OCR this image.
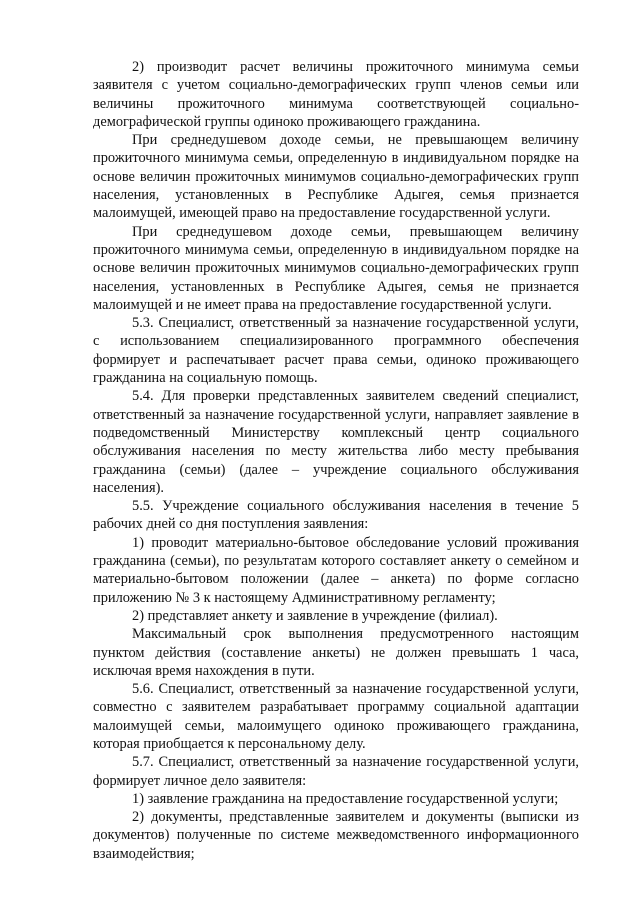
2) производит расчет величины прожиточного минимума семьи заявителя с учетом социально-демографических групп членов семьи или величины прожиточного минимума соответствующей социально-демографической группы одиноко проживающего гражданина.

При среднедушевом доходе семьи, не превышающем величину прожиточного минимума семьи, определенную в индивидуальном порядке на основе величин прожиточных минимумов социально-демографических групп населения, установленных в Республике Адыгея, семья признается малоимущей, имеющей право на предоставление государственной услуги.

При среднедушевом доходе семьи, превышающем величину прожиточного минимума семьи, определенную в индивидуальном порядке на основе величин прожиточных минимумов социально-демографических групп населения, установленных в Республике Адыгея, семья не признается малоимущей и не имеет права на предоставление государственной услуги.

5.3. Специалист, ответственный за назначение государственной услуги, с использованием специализированного программного обеспечения формирует и распечатывает расчет права семьи, одиноко проживающего гражданина на социальную помощь.

5.4. Для проверки представленных заявителем сведений специалист, ответственный за назначение государственной услуги, направляет заявление в подведомственный Министерству комплексный центр социального обслуживания населения по месту жительства либо месту пребывания гражданина (семьи) (далее – учреждение социального обслуживания населения).

5.5. Учреждение социального обслуживания населения в течение 5 рабочих дней со дня поступления заявления:

1) проводит материально-бытовое обследование условий проживания гражданина (семьи), по результатам которого составляет анкету о семейном и материально-бытовом положении (далее – анкета) по форме согласно приложению № 3 к настоящему Административному регламенту;

2) представляет анкету и заявление в учреждение (филиал).

Максимальный срок выполнения предусмотренного настоящим пунктом действия (составление анкеты) не должен превышать 1 часа, исключая время нахождения в пути.

5.6. Специалист, ответственный за назначение государственной услуги, совместно с заявителем разрабатывает программу социальной адаптации малоимущей семьи, малоимущего одиноко проживающего гражданина, которая приобщается к персональному делу.

5.7. Специалист, ответственный за назначение государственной услуги, формирует личное дело заявителя:

1) заявление гражданина на предоставление государственной услуги;

2) документы, представленные заявителем и документы (выписки из документов) полученные по системе межведомственного информационного взаимодействия;
